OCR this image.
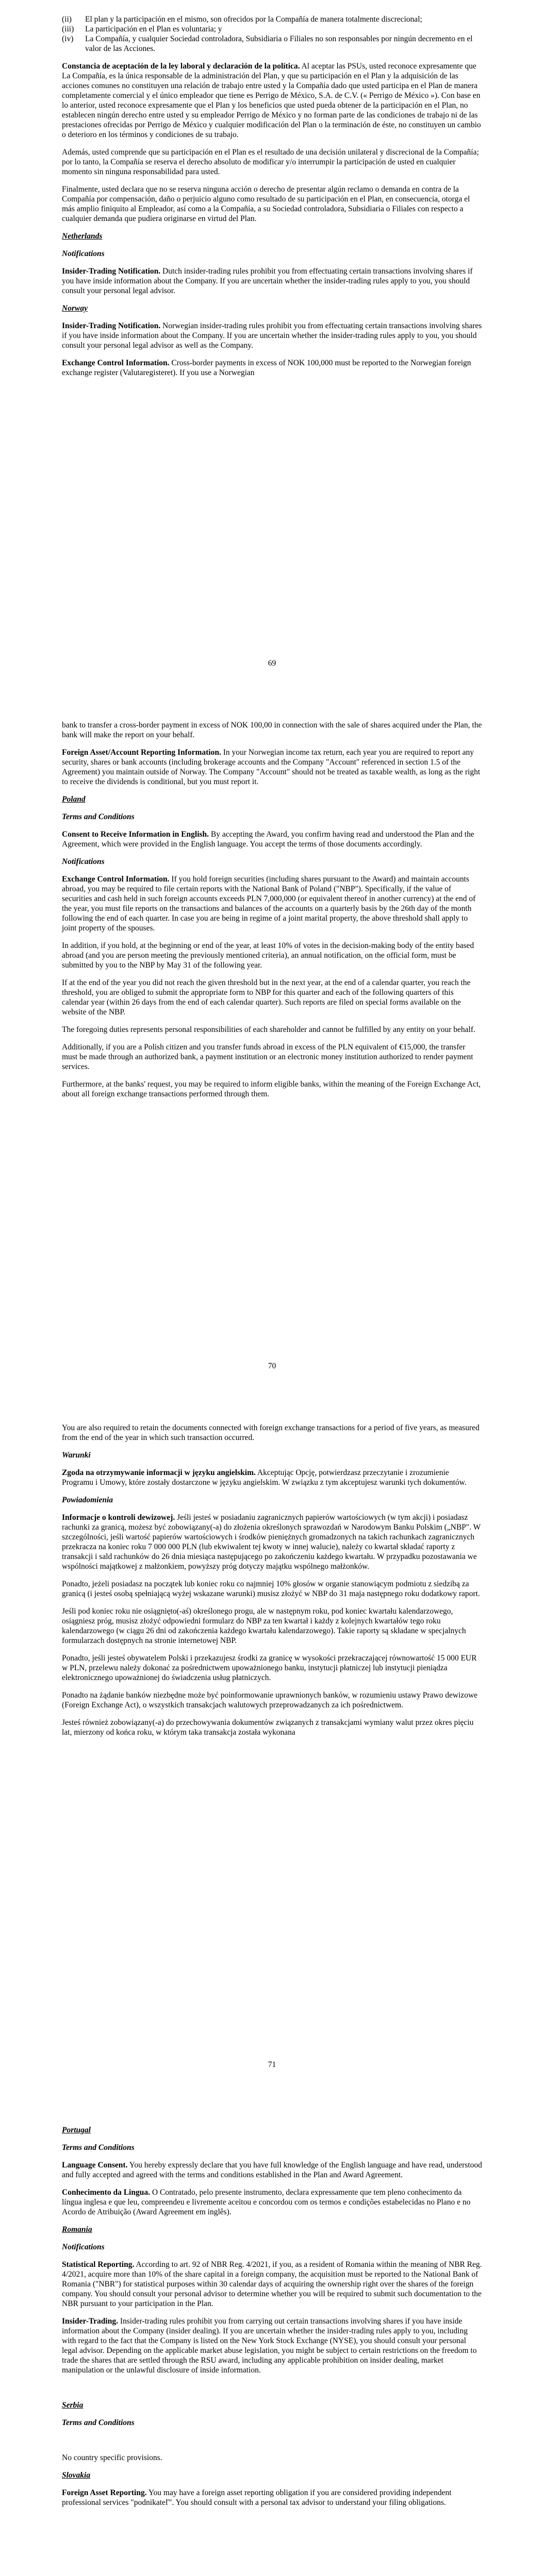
(ii)	El plan y la participación en el mismo, son ofrecidos por la Compañía de manera totalmente discrecional;
(iii)	La participación en el Plan es voluntaria; y
(iv)	La Compañía, y cualquier Sociedad controladora, Subsidiaria o Filiales no son responsables por ningún decremento en el valor de las Acciones.

Constancia de aceptación de la ley laboral y declaración de la política. Al aceptar las PSUs, usted reconoce expresamente que La Compañía, es la única responsable de la administración del Plan, y que su participación en el Plan y la adquisición de las acciones comunes no constituyen una relación de trabajo entre usted y la Compañía dado que usted participa en el Plan de manera completamente comercial y el único empleador que tiene es Perrigo de México, S.A. de C.V. (« Perrigo de México »). Con base en lo anterior, usted reconoce expresamente que el Plan y los beneficios que usted pueda obtener de la participación en el Plan, no establecen ningún derecho entre usted y su empleador Perrigo de México y no forman parte de las condiciones de trabajo ni de las prestaciones ofrecidas por Perrigo de México y cualquier modificación del Plan o la terminación de éste, no constituyen un cambio o deterioro en los términos y condiciones de su trabajo.

Además, usted comprende que su participación en el Plan es el resultado de una decisión unilateral y discrecional de la Compañía; por lo tanto, la Compañía se reserva el derecho absoluto de modificar y/o interrumpir la participación de usted en cualquier momento sin ninguna responsabilidad para usted.

Finalmente, usted declara que no se reserva ninguna acción o derecho de presentar algún reclamo o demanda en contra de la Compañía por compensación, daño o perjuicio alguno como resultado de su participación en el Plan, en consecuencia, otorga el más amplio finiquito al Empleador, así como a la Compañía, a su Sociedad controladora, Subsidiaria o Filiales con respecto a cualquier demanda que pudiera originarse en virtud del Plan.

Netherlands

Notifications

Insider-Trading Notification. Dutch insider-trading rules prohibit you from effectuating certain transactions involving shares if you have inside information about the Company. If you are uncertain whether the insider-trading rules apply to you, you should consult your personal legal advisor.

Norway

Insider-Trading Notification. Norwegian insider-trading rules prohibit you from effectuating certain transactions involving shares if you have inside information about the Company. If you are uncertain whether the insider-trading rules apply to you, you should consult your personal legal advisor as well as the Company.

Exchange Control Information. Cross-border payments in excess of NOK 100,000 must be reported to the Norwegian foreign exchange register (Valutaregisteret). If you use a Norwegian

69

bank to transfer a cross-border payment in excess of NOK 100,00 in connection with the sale of shares acquired under the Plan, the bank will make the report on your behalf.

Foreign Asset/Account Reporting Information. In your Norwegian income tax return, each year you are required to report any security, shares or bank accounts (including brokerage accounts and the Company "Account" referenced in section 1.5 of the Agreement) you maintain outside of Norway. The Company "Account" should not be treated as taxable wealth, as long as the right to receive the dividends is conditional, but you must report it.

Poland

Terms and Conditions

Consent to Receive Information in English. By accepting the Award, you confirm having read and understood the Plan and the Agreement, which were provided in the English language. You accept the terms of those documents accordingly.

Notifications

Exchange Control Information. If you hold foreign securities (including shares pursuant to the Award) and maintain accounts abroad, you may be required to file certain reports with the National Bank of Poland ("NBP"). Specifically, if the value of securities and cash held in such foreign accounts exceeds PLN 7,000,000 (or equivalent thereof in another currency) at the end of the year, you must file reports on the transactions and balances of the accounts on a quarterly basis by the 26th day of the month following the end of each quarter. In case you are being in regime of a joint marital property, the above threshold shall apply to joint property of the spouses.

In addition, if you hold, at the beginning or end of the year, at least 10% of votes in the decision-making body of the entity based abroad (and you are person meeting the previously mentioned criteria), an annual notification, on the official form, must be submitted by you to the NBP by May 31 of the following year.

If at the end of the year you did not reach the given threshold but in the next year, at the end of a calendar quarter, you reach the threshold, you are obliged to submit the appropriate form to NBP for this quarter and each of the following quarters of this calendar year (within 26 days from the end of each calendar quarter). Such reports are filed on special forms available on the website of the NBP.

The foregoing duties represents personal responsibilities of each shareholder and cannot be fulfilled by any entity on your behalf.

Additionally, if you are a Polish citizen and you transfer funds abroad in excess of the PLN equivalent of €15,000, the transfer must be made through an authorized bank, a payment institution or an electronic money institution authorized to render payment services.

Furthermore, at the banks' request, you may be required to inform eligible banks, within the meaning of the Foreign Exchange Act, about all foreign exchange transactions performed through them.

70

You are also required to retain the documents connected with foreign exchange transactions for a period of five years, as measured from the end of the year in which such transaction occurred.

Warunki

Zgoda na otrzymywanie informacji w języku angielskim. Akceptując Opcję, potwierdzasz przeczytanie i zrozumienie Programu i Umowy, które zostały dostarczone w języku angielskim. W związku z tym akceptujesz warunki tych dokumentów.

Powiadomienia

Informacje o kontroli dewizowej. Jeśli jesteś w posiadaniu zagranicznych papierów wartościowych (w tym akcji) i posiadasz rachunki za granicą, możesz być zobowiązany(-a) do złożenia określonych sprawozdań w Narodowym Banku Polskim („NBP". W szczególności, jeśli wartość papierów wartościowych i środków pieniężnych gromadzonych na takich rachunkach zagranicznych przekracza na koniec roku 7 000 000 PLN (lub ekwiwalent tej kwoty w innej walucie), należy co kwartał składać raporty z transakcji i sald rachunków do 26 dnia miesiąca następującego po zakończeniu każdego kwartału. W przypadku pozostawania we wspólności majątkowej z małżonkiem, powyższy próg dotyczy majątku wspólnego małżonków.

Ponadto, jeżeli posiadasz na początek lub koniec roku co najmniej 10% głosów w organie stanowiącym podmiotu z siedzibą za granicą (i jesteś osobą spełniającą wyżej wskazane warunki) musisz złożyć w NBP do 31 maja następnego roku dodatkowy raport.

Jeśli pod koniec roku nie osiągnięto(-aś) określonego progu, ale w następnym roku, pod koniec kwartału kalendarzowego, osiągniesz próg, musisz złożyć odpowiedni formularz do NBP za ten kwartał i każdy z kolejnych kwartałów tego roku kalendarzowego (w ciągu 26 dni od zakończenia każdego kwartału kalendarzowego). Takie raporty są składane w specjalnych formularzach dostępnych na stronie internetowej NBP.

Ponadto, jeśli jesteś obywatelem Polski i przekazujesz środki za granicę w wysokości przekraczającej równowartość 15 000 EUR w PLN, przelewu należy dokonać za pośrednictwem upoważnionego banku, instytucji płatniczej lub instytucji pieniądza elektronicznego upoważnionej do świadczenia usług płatniczych.

Ponadto na żądanie banków niezbędne może być poinformowanie uprawnionych banków, w rozumieniu ustawy Prawo dewizowe (Foreign Exchange Act), o wszystkich transakcjach walutowych przeprowadzanych za ich pośrednictwem.

Jesteś również zobowiązany(-a) do przechowywania dokumentów związanych z transakcjami wymiany walut przez okres pięciu lat, mierzony od końca roku, w którym taka transakcja została wykonana

71

Portugal

Terms and Conditions

Language Consent. You hereby expressly declare that you have full knowledge of the English language and have read, understood and fully accepted and agreed with the terms and conditions established in the Plan and Award Agreement.

Conhecimento da Lingua. O Contratado, pelo presente instrumento, declara expressamente que tem pleno conhecimento da língua inglesa e que leu, compreendeu e livremente aceitou e concordou com os termos e condições estabelecidas no Plano e no Acordo de Atribuição (Award Agreement em inglês).

Romania

Notifications

Statistical Reporting. According to art. 92 of NBR Reg. 4/2021, if you, as a resident of Romania within the meaning of NBR Reg. 4/2021, acquire more than 10% of the share capital in a foreign company, the acquisition must be reported to the National Bank of Romania ("NBR") for statistical purposes within 30 calendar days of acquiring the ownership right over the shares of the foreign company. You should consult your personal advisor to determine whether you will be required to submit such documentation to the NBR pursuant to your participation in the Plan.

Insider-Trading. Insider-trading rules prohibit you from carrying out certain transactions involving shares if you have inside information about the Company (insider dealing). If you are uncertain whether the insider-trading rules apply to you, including with regard to the fact that the Company is listed on the New York Stock Exchange (NYSE), you should consult your personal legal advisor. Depending on the applicable market abuse legislation, you might be subject to certain restrictions on the freedom to trade the shares that are settled through the RSU award, including any applicable prohibition on insider dealing, market manipulation or the unlawful disclosure of inside information.

Serbia

Terms and Conditions

No country specific provisions.

Slovakia

Foreign Asset Reporting. You may have a foreign asset reporting obligation if you are considered providing independent professional services "podnikateľ". You should consult with a personal tax advisor to understand your filing obligations.
